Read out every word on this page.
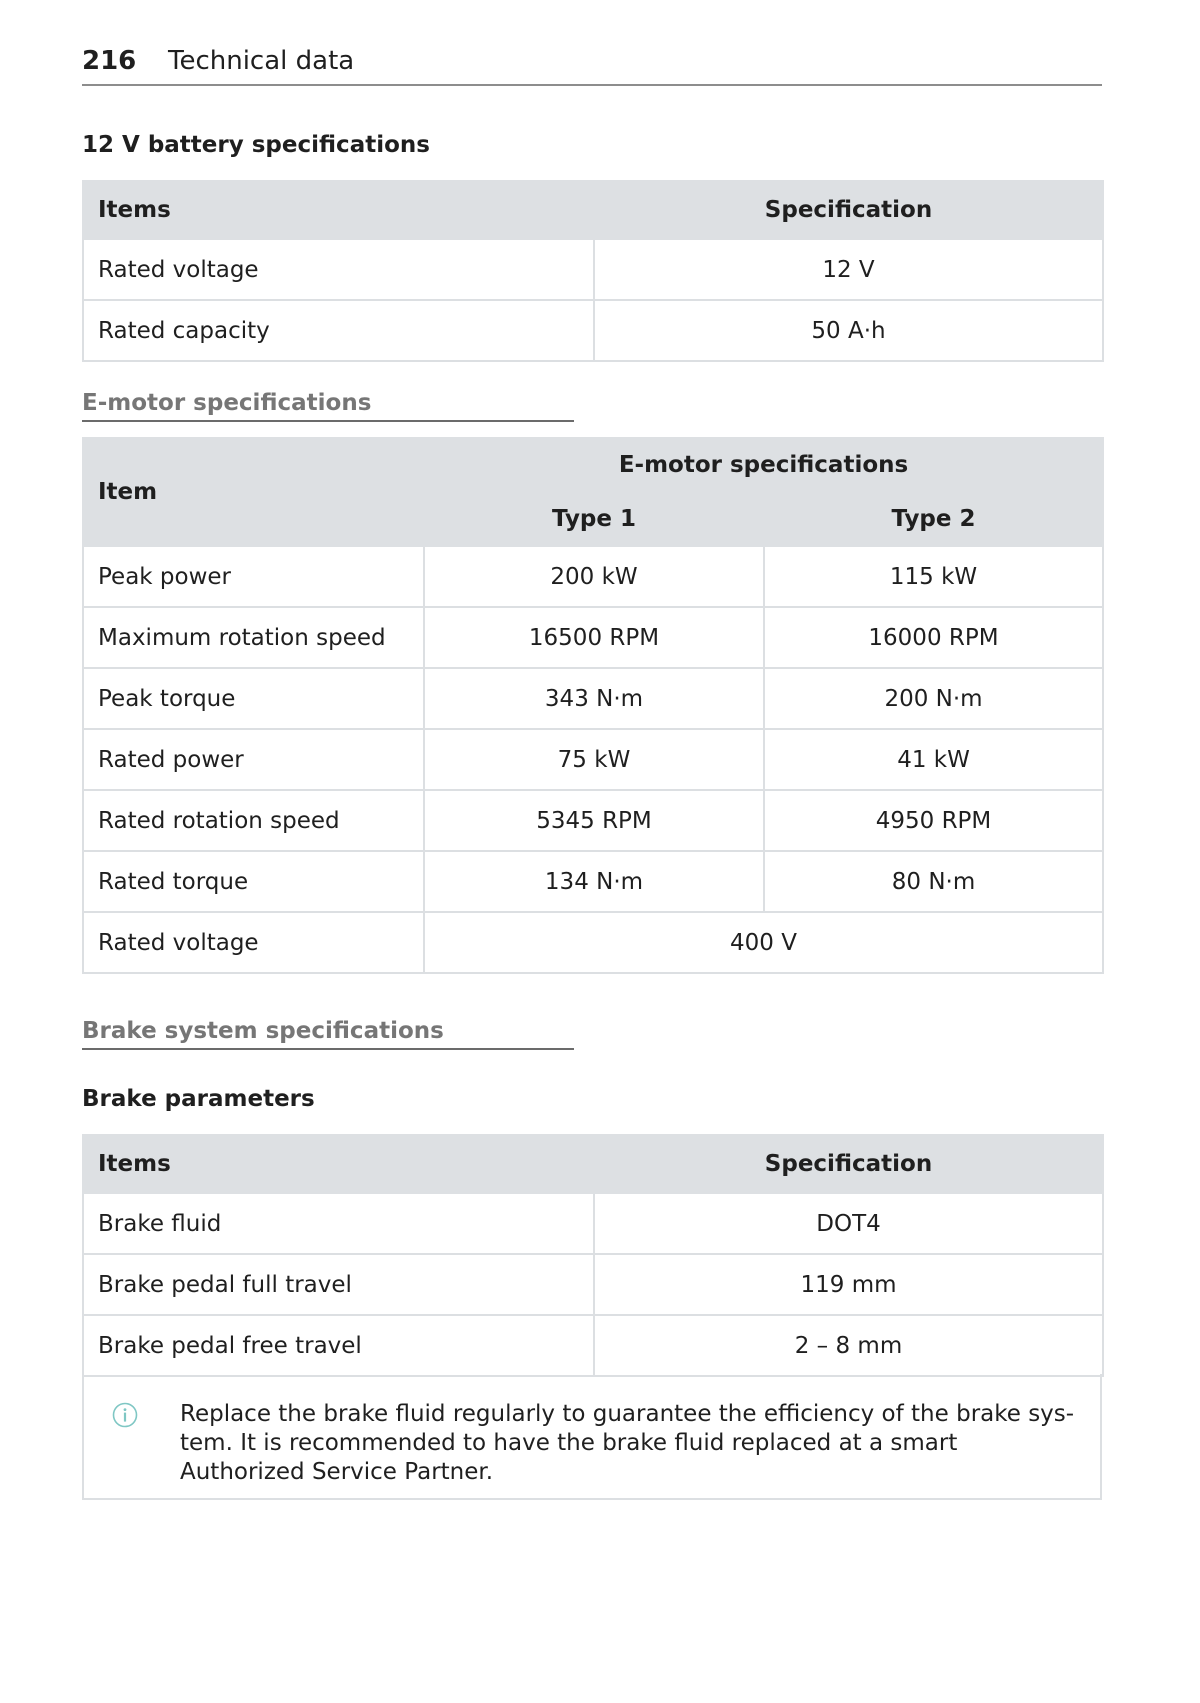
216 Technical data
12 V battery specifications
Items	Specification
Rated voltage	12 V
Rated capacity	50 A·h
E-motor specifications
Item	E-motor specifications	
	Type 1	Type 2
Peak power	200 kW	115 kW
Maximum rotation speed	16500 RPM	16000 RPM
Peak torque	343 N·m	200 N·m
Rated power	75 kW	41 kW
Rated rotation speed	5345 RPM	4950 RPM
Rated torque	134 N·m	80 N·m
Rated voltage	400 V	
Brake system specifications
Brake parameters
Items	Specification
Brake fluid	DOT4
Brake pedal full travel	119 mm
Brake pedal free travel	2 – 8 mm
Replace the brake fluid regularly to guarantee the efficiency of the brake sys-tem. It is recommended to have the brake fluid replaced at a smart Authorized Service Partner.
